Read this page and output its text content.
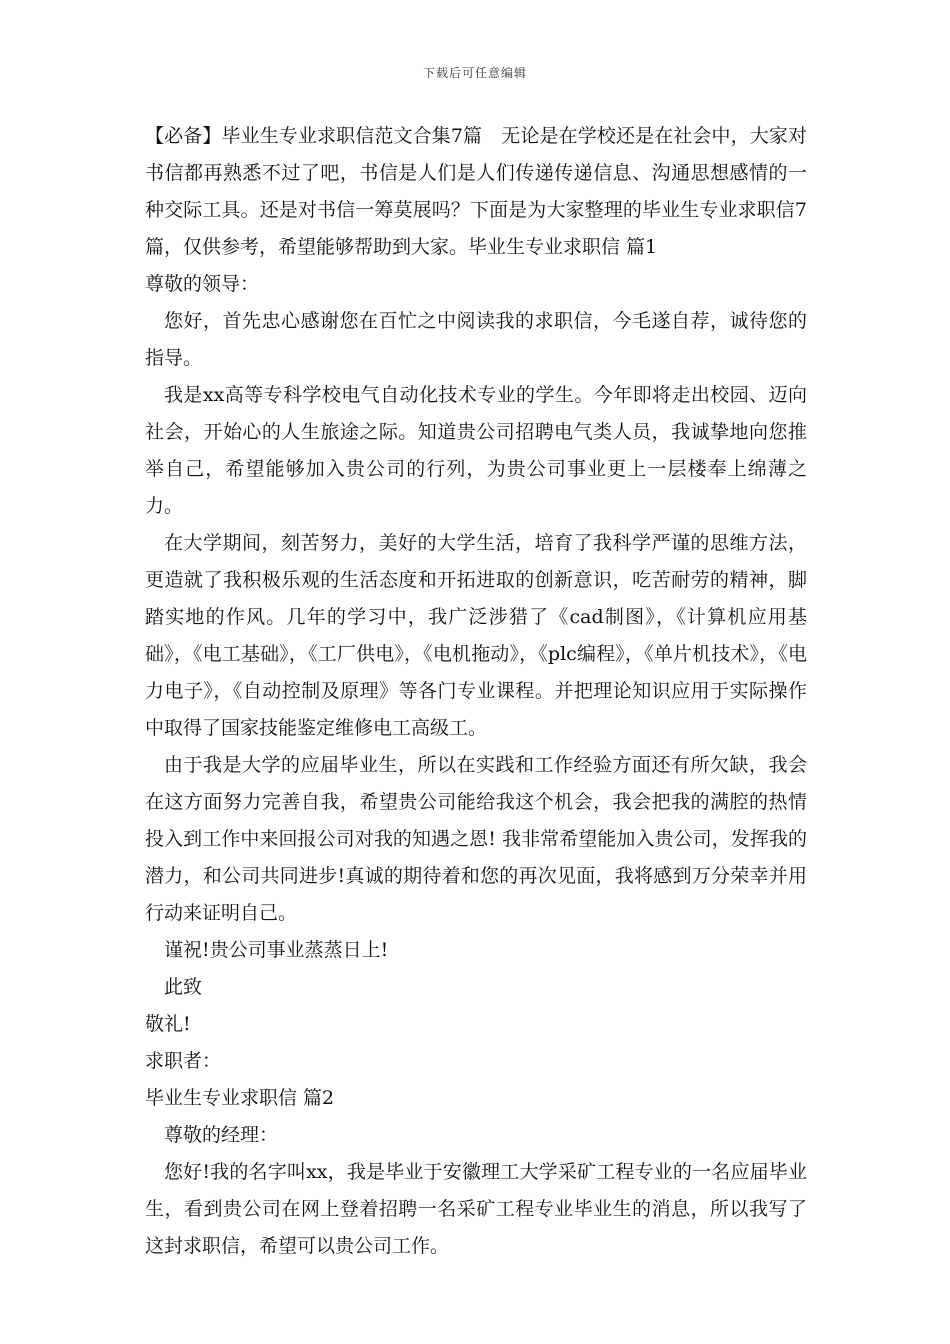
下载后可任意编辑

【必备】毕业生专业求职信范文合集7篇　无论是在学校还是在社会中，大家对书信都再熟悉不过了吧，书信是人们是人们传递传递信息、沟通思想感情的一种交际工具。还是对书信一筹莫展吗？下面是为大家整理的毕业生专业求职信7篇，仅供参考，希望能够帮助到大家。毕业生专业求职信 篇1

尊敬的领导：

您好，首先忠心感谢您在百忙之中阅读我的求职信，今毛遂自荐，诚待您的指导。

我是xx高等专科学校电气自动化技术专业的学生。今年即将走出校园、迈向社会，开始心的人生旅途之际。知道贵公司招聘电气类人员，我诚挚地向您推举自己，希望能够加入贵公司的行列，为贵公司事业更上一层楼奉上绵薄之力。

在大学期间，刻苦努力，美好的大学生活，培育了我科学严谨的思维方法，更造就了我积极乐观的生活态度和开拓进取的创新意识，吃苦耐劳的精神，脚踏实地的作风。几年的学习中，我广泛涉猎了《cad制图》，《计算机应用基础》，《电工基础》，《工厂供电》，《电机拖动》，《plc编程》，《单片机技术》，《电力电子》，《自动控制及原理》等各门专业课程。并把理论知识应用于实际操作中取得了国家技能鉴定维修电工高级工。

由于我是大学的应届毕业生，所以在实践和工作经验方面还有所欠缺，我会在这方面努力完善自我，希望贵公司能给我这个机会，我会把我的满腔的热情投入到工作中来回报公司对我的知遇之恩! 我非常希望能加入贵公司，发挥我的潜力，和公司共同进步!真诚的期待着和您的再次见面，我将感到万分荣幸并用行动来证明自己。

谨祝!贵公司事业蒸蒸日上!

此致

敬礼!

求职者：

毕业生专业求职信 篇2

尊敬的经理：

您好!我的名字叫xx，我是毕业于安徽理工大学采矿工程专业的一名应届毕业生，看到贵公司在网上登着招聘一名采矿工程专业毕业生的消息，所以我写了这封求职信，希望可以贵公司工作。
